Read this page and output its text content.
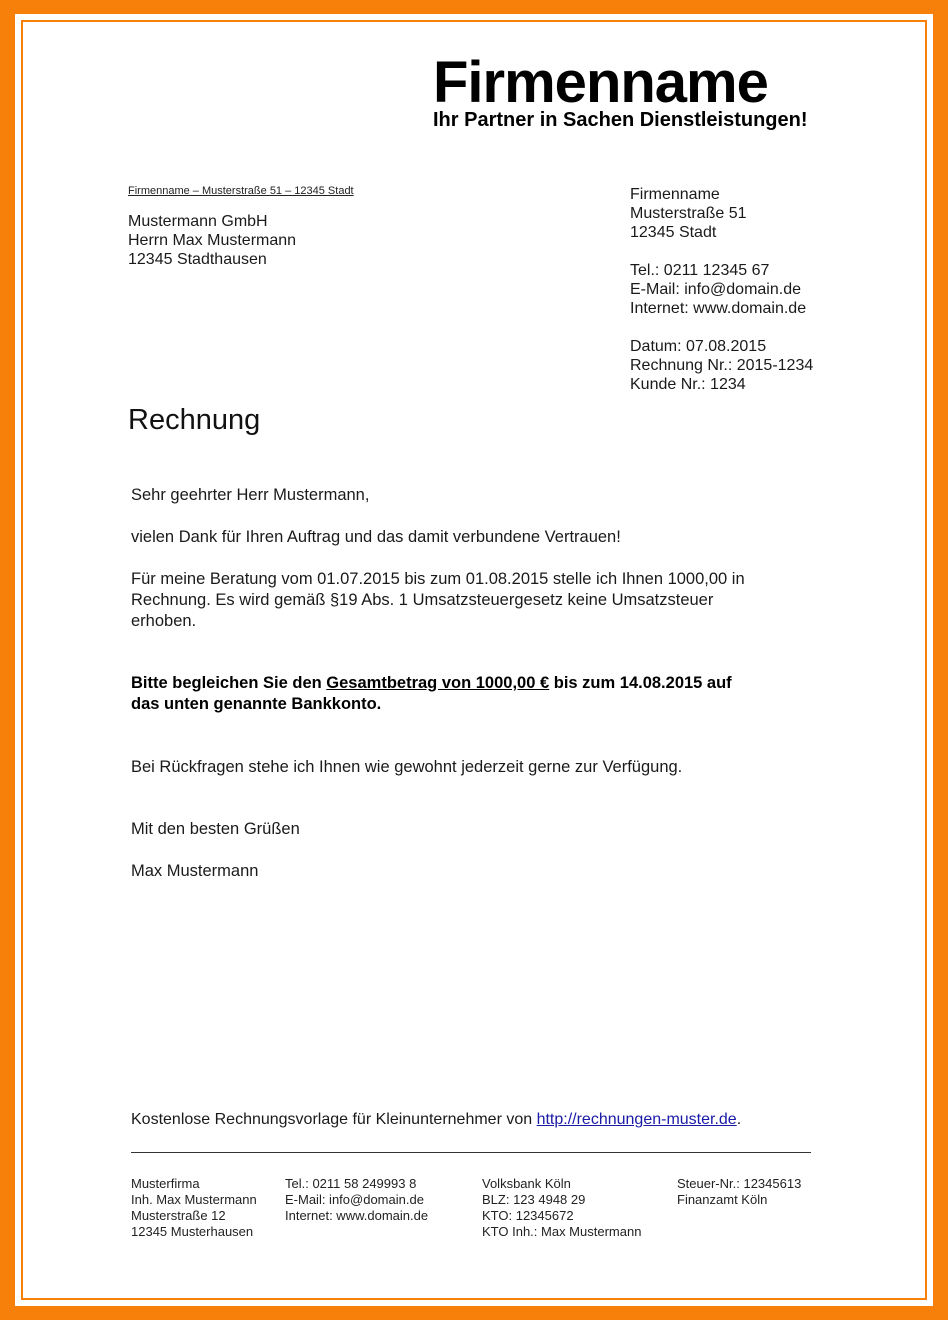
Firmenname
Ihr Partner in Sachen Dienstleistungen!
Firmenname – Musterstraße 51 – 12345 Stadt
Mustermann GmbH
Herrn Max Mustermann
12345 Stadthausen
Firmenname
Musterstraße 51
12345 Stadt
Tel.: 0211 12345 67
E-Mail: info@domain.de
Internet: www.domain.de
Datum: 07.08.2015
Rechnung Nr.: 2015-1234
Kunde Nr.: 1234
Rechnung
Sehr geehrter Herr Mustermann,
vielen Dank für Ihren Auftrag und das damit verbundene Vertrauen!
Für meine Beratung vom 01.07.2015 bis zum 01.08.2015 stelle ich Ihnen 1000,00 in
Rechnung. Es wird gemäß §19 Abs. 1 Umsatzsteuergesetz keine Umsatzsteuer
erhoben.
Bitte begleichen Sie den Gesamtbetrag von 1000,00 € bis zum 14.08.2015 auf
das unten genannte Bankkonto.
Bei Rückfragen stehe ich Ihnen wie gewohnt jederzeit gerne zur Verfügung.
Mit den besten Grüßen
Max Mustermann
Kostenlose Rechnungsvorlage für Kleinunternehmer von http://rechnungen-muster.de.
Musterfirma
Inh. Max Mustermann
Musterstraße 12
12345 Musterhausen
Tel.: 0211 58 249993 8
E-Mail: info@domain.de
Internet: www.domain.de
Volksbank Köln
BLZ: 123 4948 29
KTO: 12345672
KTO Inh.: Max Mustermann
Steuer-Nr.: 12345613
Finanzamt Köln
